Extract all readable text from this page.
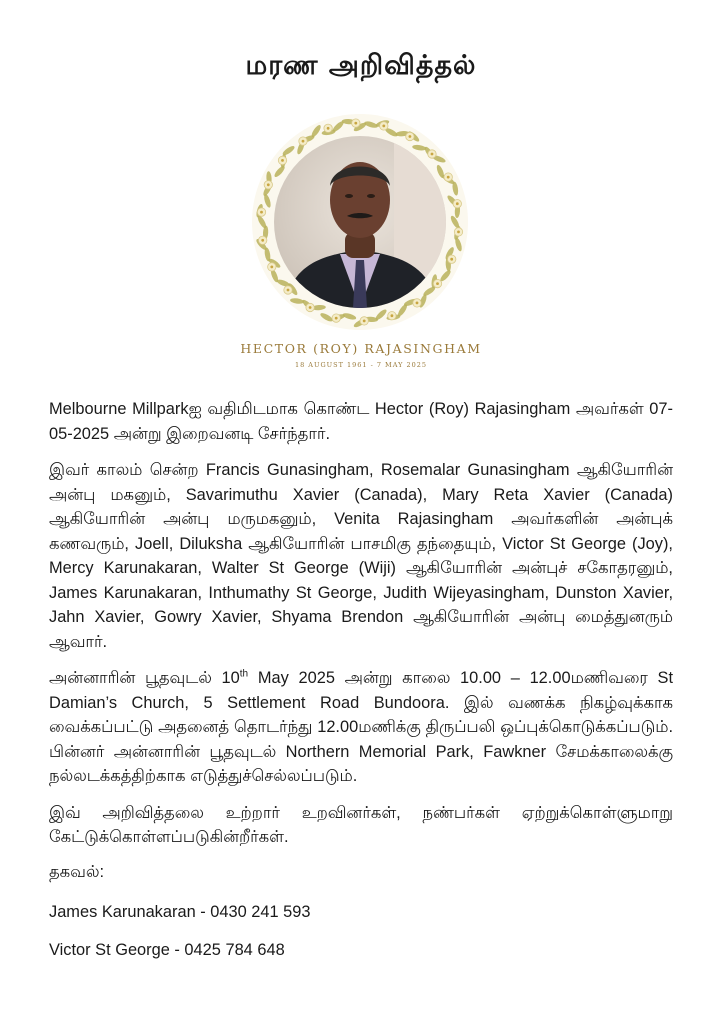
மரண அறிவித்தல்
HECTOR (ROY) RAJASINGHAM
18 AUGUST 1961 - 7 MAY 2025

Melbourne Millparkஐ வதிமிடமாக கொண்ட Hector (Roy) Rajasingham அவர்கள் 07-05-2025 அன்று இறைவனடி சேர்ந்தார்.

இவர் காலம் சென்ற Francis Gunasingham, Rosemalar Gunasingham ஆகியோரின் அன்பு மகனும், Savarimuthu Xavier (Canada), Mary Reta Xavier (Canada) ஆகியோரின் அன்பு மருமகனும், Venita Rajasingham அவர்களின் அன்புக் கணவரும், Joell, Diluksha ஆகியோரின் பாசமிகு தந்தையும், Victor St George (Joy), Mercy Karunakaran, Walter St George (Wiji) ஆகியோரின் அன்புச் சகோதரனும், James Karunakaran, Inthumathy St George, Judith Wijeyasingham, Dunston Xavier, Jahn Xavier, Gowry Xavier, Shyama Brendon ஆகியோரின் அன்பு மைத்துனரும் ஆவார்.

அன்னாரின் பூதவுடல் 10th May 2025 அன்று காலை 10.00 – 12.00மணிவரை St Damian’s Church, 5 Settlement Road Bundoora. இல் வணக்க நிகழ்வுக்காக வைக்கப்பட்டு அதனைத் தொடர்ந்து 12.00மணிக்கு திருப்பலி ஒப்புக்கொடுக்கப்படும். பின்னர் அன்னாரின் பூதவுடல் Northern Memorial Park, Fawkner சேமக்காலைக்கு நல்லடக்கத்திற்காக எடுத்துச்செல்லப்படும்.

இவ் அறிவித்தலை உற்றார் உறவினர்கள், நண்பர்கள் ஏற்றுக்கொள்ளுமாறு கேட்டுக்கொள்ளப்படுகின்றீர்கள்.

தகவல்:

James Karunakaran - 0430 241 593

Victor St George - 0425 784 648
